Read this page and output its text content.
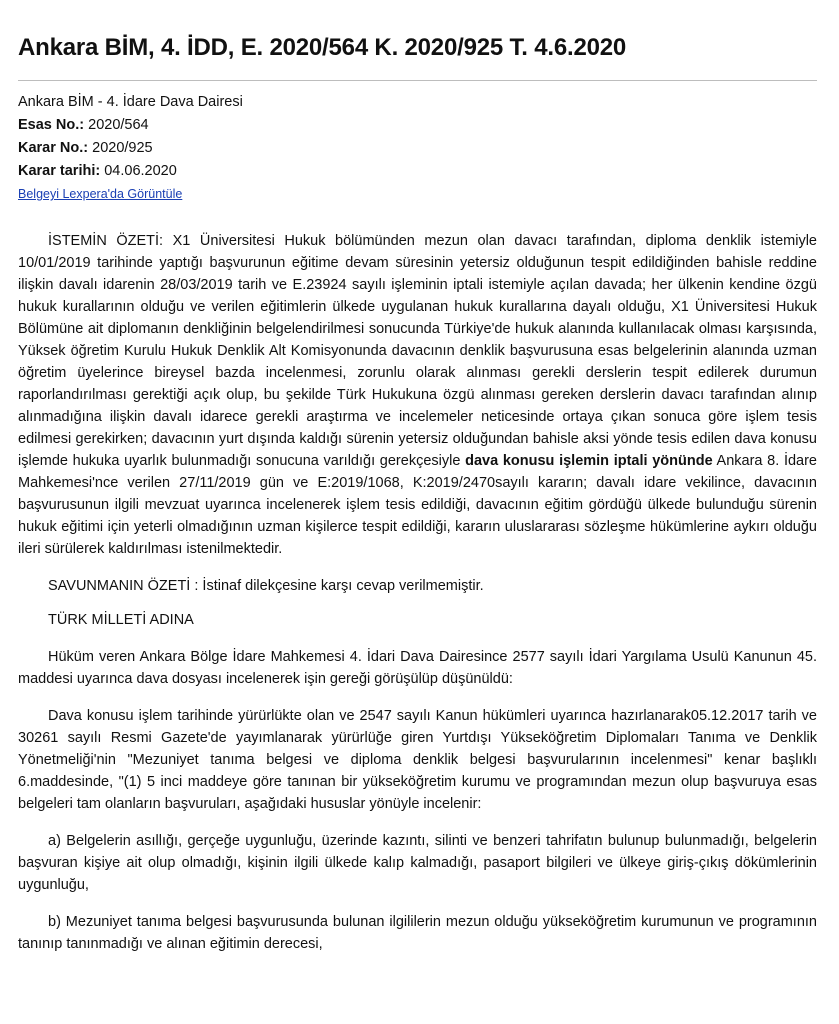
Ankara BİM, 4. İDD, E. 2020/564 K. 2020/925 T. 4.6.2020
Ankara BİM - 4. İdare Dava Dairesi
Esas No.: 2020/564
Karar No.: 2020/925
Karar tarihi: 04.06.2020
Belgeyi Lexpera'da Görüntüle

İSTEMİN ÖZETİ: X1 Üniversitesi Hukuk bölümünden mezun olan davacı tarafından, diploma denklik istemiyle 10/01/2019 tarihinde yaptığı başvurunun eğitime devam süresinin yetersiz olduğunun tespit edildiğinden bahisle reddine ilişkin davalı idarenin 28/03/2019 tarih ve E.23924 sayılı işleminin iptali istemiyle açılan davada; her ülkenin kendine özgü hukuk kurallarının olduğu ve verilen eğitimlerin ülkede uygulanan hukuk kurallarına dayalı olduğu, X1 Üniversitesi Hukuk Bölümüne ait diplomanın denkliğinin belgelendirilmesi sonucunda Türkiye'de hukuk alanında kullanılacak olması karşısında, Yüksek öğretim Kurulu Hukuk Denklik Alt Komisyonunda davacının denklik başvurusuna esas belgelerinin alanında uzman öğretim üyelerince bireysel bazda incelenmesi, zorunlu olarak alınması gerekli derslerin tespit edilerek durumun raporlandırılması gerektiği açık olup, bu şekilde Türk Hukukuna özgü alınması gereken derslerin davacı tarafından alınıp alınmadığına ilişkin davalı idarece gerekli araştırma ve incelemeler neticesinde ortaya çıkan sonuca göre işlem tesis edilmesi gerekirken; davacının yurt dışında kaldığı sürenin yetersiz olduğundan bahisle aksi yönde tesis edilen dava konusu işlemde hukuka uyarlık bulunmadığı sonucuna varıldığı gerekçesiyle dava konusu işlemin iptali yönünde Ankara 8. İdare Mahkemesi'nce verilen 27/11/2019 gün ve E:2019/1068, K:2019/2470sayılı kararın; davalı idare vekilince, davacının başvurusunun ilgili mevzuat uyarınca incelenerek işlem tesis edildiği, davacının eğitim gördüğü ülkede bulunduğu sürenin hukuk eğitimi için yeterli olmadığının uzman kişilerce tespit edildiği, kararın uluslararası sözleşme hükümlerine aykırı olduğu ileri sürülerek kaldırılması istenilmektedir.

SAVUNMANIN ÖZETİ : İstinaf dilekçesine karşı cevap verilmemiştir.

TÜRK MİLLETİ ADINA

Hüküm veren Ankara Bölge İdare Mahkemesi 4. İdari Dava Dairesince 2577 sayılı İdari Yargılama Usulü Kanunun 45. maddesi uyarınca dava dosyası incelenerek işin gereği görüşülüp düşünüldü:

Dava konusu işlem tarihinde yürürlükte olan ve 2547 sayılı Kanun hükümleri uyarınca hazırlanarak05.12.2017 tarih ve 30261 sayılı Resmi Gazete'de yayımlanarak yürürlüğe giren Yurtdışı Yükseköğretim Diplomaları Tanıma ve Denklik Yönetmeliği'nin "Mezuniyet tanıma belgesi ve diploma denklik belgesi başvurularının incelenmesi" kenar başlıklı 6.maddesinde, "(1) 5 inci maddeye göre tanınan bir yükseköğretim kurumu ve programından mezun olup başvuruya esas belgeleri tam olanların başvuruları, aşağıdaki hususlar yönüyle incelenir:

a) Belgelerin asıllığı, gerçeğe uygunluğu, üzerinde kazıntı, silinti ve benzeri tahrifatın bulunup bulunmadığı, belgelerin başvuran kişiye ait olup olmadığı, kişinin ilgili ülkede kalıp kalmadığı, pasaport bilgileri ve ülkeye giriş-çıkış dökümlerinin uygunluğu,

b) Mezuniyet tanıma belgesi başvurusunda bulunan ilgililerin mezun olduğu yükseköğretim kurumunun ve programının tanınıp tanınmadığı ve alınan eğitimin derecesi,
